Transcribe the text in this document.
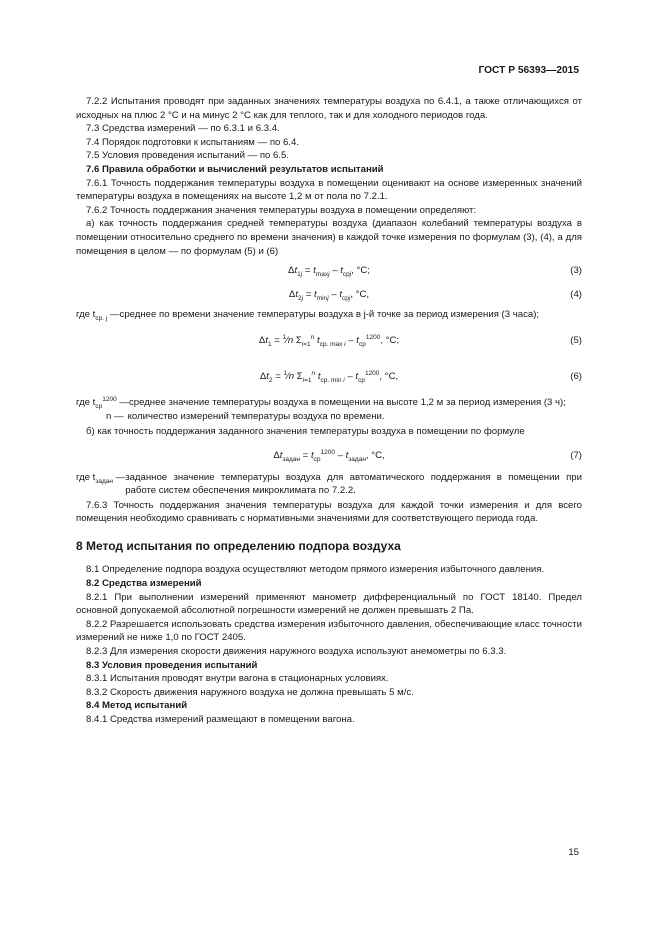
ГОСТ Р 56393—2015

7.2.2 Испытания проводят при заданных значениях температуры воздуха по 6.4.1, а также отличающихся от исходных на плюс 2 °С и на минус 2 °С как для теплого, так и для холодного периодов года.

7.3 Средства измерений — по 6.3.1 и 6.3.4.

7.4 Порядок подготовки к испытаниям — по 6.4.

7.5 Условия проведения испытаний — по 6.5.

7.6 Правила обработки и вычислений результатов испытаний

7.6.1 Точность поддержания температуры воздуха в помещении оценивают на основе измеренных значений температуры воздуха в помещениях на высоте 1,2 м от пола по 7.2.1.

7.6.2 Точность поддержания значения температуры воздуха в помещении определяют:

а) как точность поддержания средней температуры воздуха (диапазон колебаний температуры воздуха в помещении относительно среднего по времени значения) в каждой точке измерения по формулам (3), (4), а для помещения в целом — по формулам (5) и (6)

$\Delta t_{1j} = t_{maxj} - t_{срj}$, °С;	(3)
$\Delta t_{2j} = t_{minj} - t_{срj}$, °С,	(4)
где $t_{ср. j}$ — среднее по времени значение температуры воздуха в j-й точке за период измерения (3 часа);
$\Delta t_1$ = $^1$⁄n $\Sigma_{i=1}^n$ $t_{ср. max i} - t_{ср}^{1200}$, °С;	(5)
$\Delta t_2$ = $^1$⁄n $\Sigma_{i=1}^n$ $t_{ср. min i} - t_{ср}^{1200}$, °С,	(6)
где $t_{ср}^{1200}$ — среднее значение температуры воздуха в помещении на высоте 1,2 м за период измерения (3 ч);
n — количество измерений температуры воздуха по времени.

б) как точность поддержания заданного значения температуры воздуха в помещении по формуле

$\Delta t_{задан} = t_{ср}^{1200} - t_{задан}$, °С,	(7)
где $t_{задан}$ — заданное значение температуры воздуха для автоматического поддержания в помещении при работе систем обеспечения микроклимата по 7.2.2.

7.6.3 Точность поддержания значения температуры воздуха для каждой точки измерения и для всего помещения необходимо сравнивать с нормативными значениями для соответствующего периода года.

8 Метод испытания по определению подпора воздуха

8.1 Определение подпора воздуха осуществляют методом прямого измерения избыточного давления.

8.2 Средства измерений

8.2.1 При выполнении измерений применяют манометр дифференциальный по ГОСТ 18140. Предел основной допускаемой абсолютной погрешности измерений не должен превышать 2 Па.

8.2.2 Разрешается использовать средства измерения избыточного давления, обеспечивающие класс точности измерений не ниже 1,0 по ГОСТ 2405.

8.2.3 Для измерения скорости движения наружного воздуха используют анемометры по 6.3.3.

8.3 Условия проведения испытаний

8.3.1 Испытания проводят внутри вагона в стационарных условиях.

8.3.2 Скорость движения наружного воздуха не должна превышать 5 м/с.

8.4 Метод испытаний

8.4.1 Средства измерений размещают в помещении вагона.

15
